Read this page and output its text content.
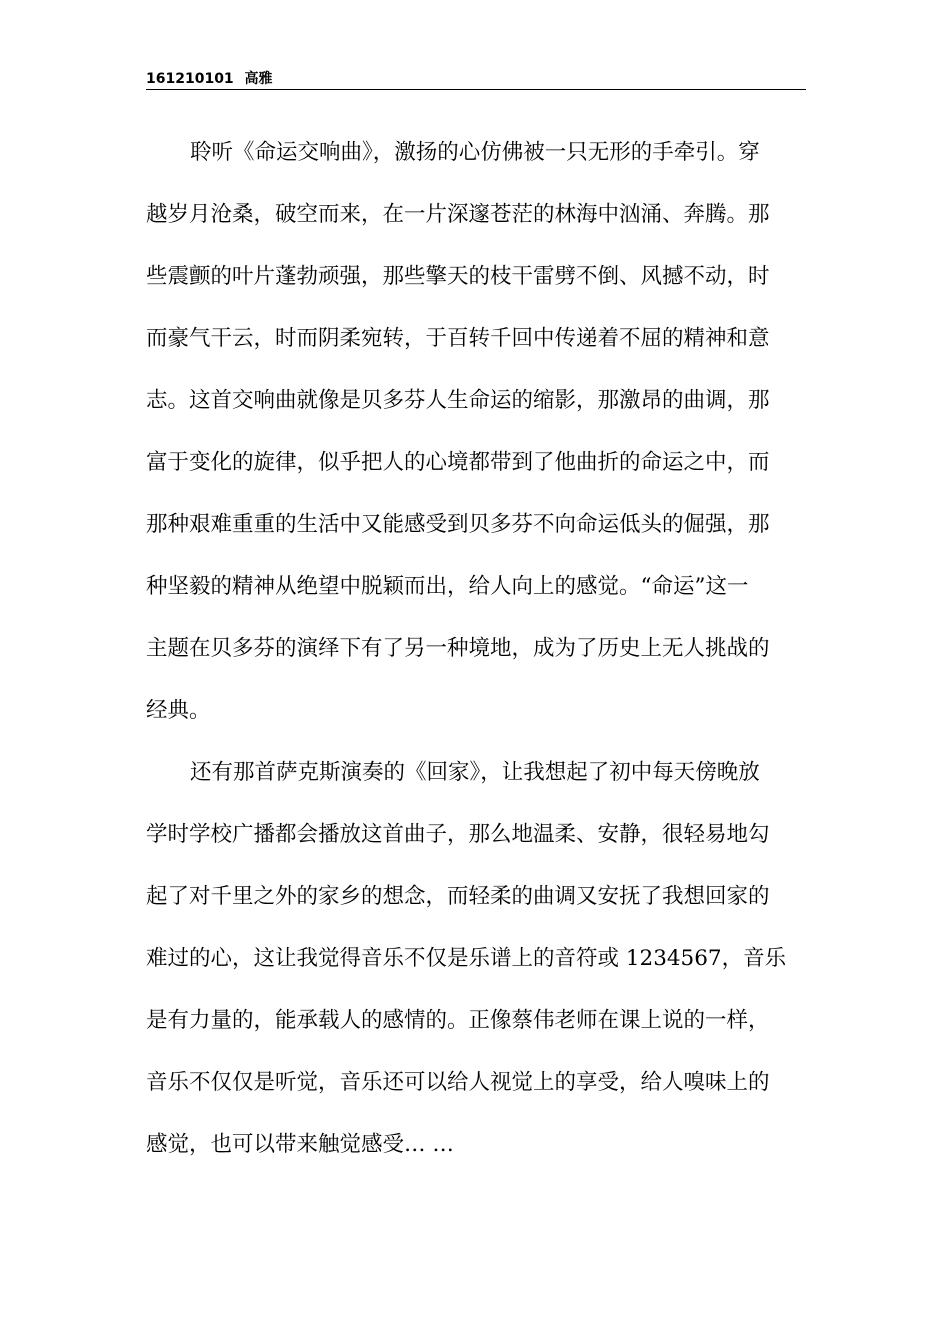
161210101 高雅
聆听《命运交响曲》，激扬的心仿佛被一只无形的手牵引。穿
越岁月沧桑，破空而来，在一片深邃苍茫的林海中汹涌、奔腾。那
些震颤的叶片蓬勃顽强，那些擎天的枝干雷劈不倒、风撼不动，时
而豪气干云，时而阴柔宛转，于百转千回中传递着不屈的精神和意
志。这首交响曲就像是贝多芬人生命运的缩影，那激昂的曲调，那
富于变化的旋律，似乎把人的心境都带到了他曲折的命运之中，而
那种艰难重重的生活中又能感受到贝多芬不向命运低头的倔强，那
种坚毅的精神从绝望中脱颖而出，给人向上的感觉。“命运”这一
主题在贝多芬的演绎下有了另一种境地，成为了历史上无人挑战的
经典。
还有那首萨克斯演奏的《回家》，让我想起了初中每天傍晚放
学时学校广播都会播放这首曲子，那么地温柔、安静，很轻易地勾
起了对千里之外的家乡的想念，而轻柔的曲调又安抚了我想回家的
难过的心，这让我觉得音乐不仅是乐谱上的音符或 1234567，音乐
是有力量的，能承载人的感情的。正像蔡伟老师在课上说的一样，
音乐不仅仅是听觉，音乐还可以给人视觉上的享受，给人嗅味上的
感觉，也可以带来触觉感受… …
